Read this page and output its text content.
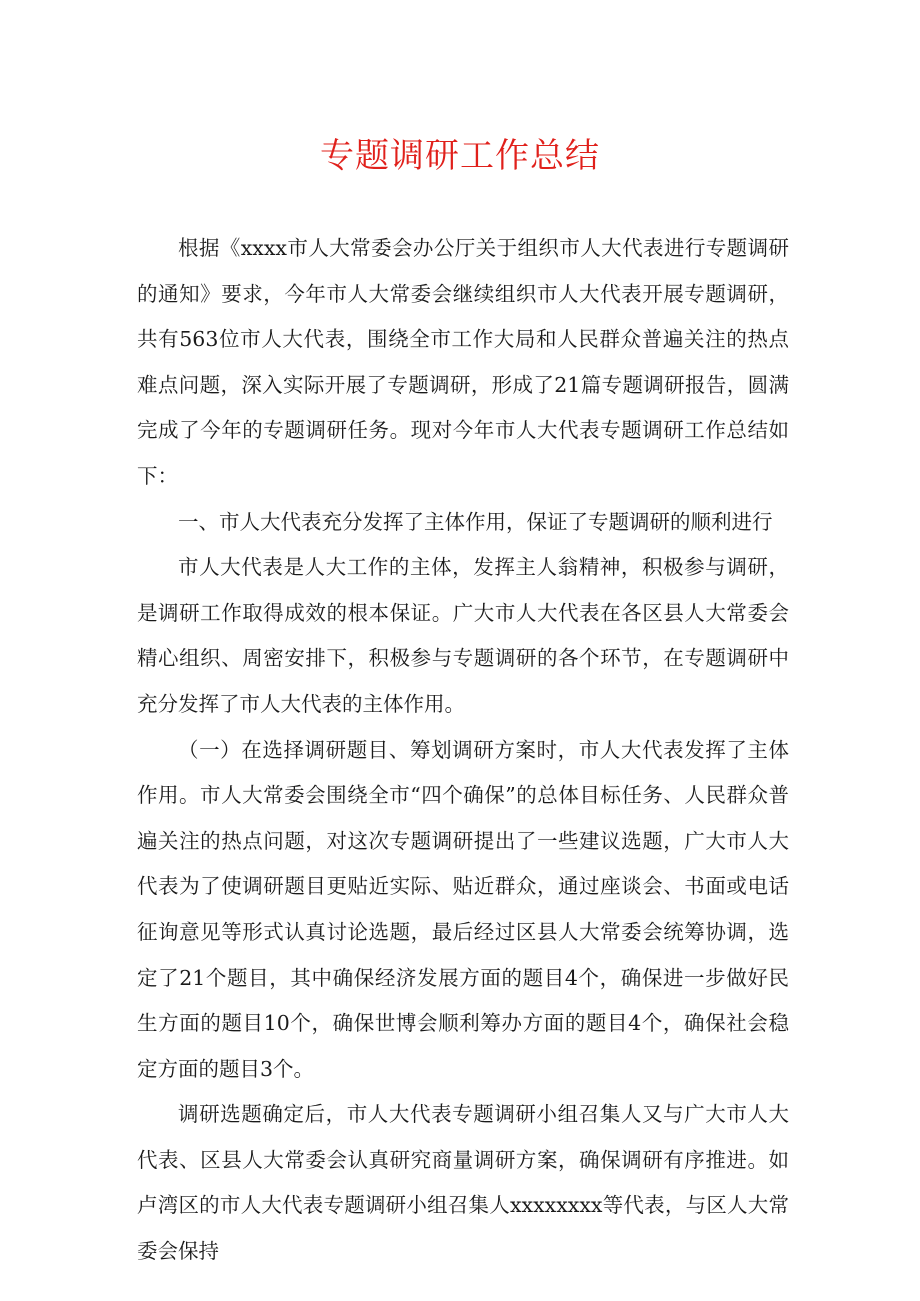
专题调研工作总结

根据《xxxx市人大常委会办公厅关于组织市人大代表进行专题调研的通知》要求，今年市人大常委会继续组织市人大代表开展专题调研，共有563位市人大代表，围绕全市工作大局和人民群众普遍关注的热点难点问题，深入实际开展了专题调研，形成了21篇专题调研报告，圆满完成了今年的专题调研任务。现对今年市人大代表专题调研工作总结如下：

一、市人大代表充分发挥了主体作用，保证了专题调研的顺利进行

市人大代表是人大工作的主体，发挥主人翁精神，积极参与调研，是调研工作取得成效的根本保证。广大市人大代表在各区县人大常委会精心组织、周密安排下，积极参与专题调研的各个环节，在专题调研中充分发挥了市人大代表的主体作用。

（一）在选择调研题目、筹划调研方案时，市人大代表发挥了主体作用。市人大常委会围绕全市“四个确保”的总体目标任务、人民群众普遍关注的热点问题，对这次专题调研提出了一些建议选题，广大市人大代表为了使调研题目更贴近实际、贴近群众，通过座谈会、书面或电话征询意见等形式认真讨论选题，最后经过区县人大常委会统筹协调，选定了21个题目，其中确保经济发展方面的题目4个，确保进一步做好民生方面的题目10个，确保世博会顺利筹办方面的题目4个，确保社会稳定方面的题目3个。

调研选题确定后，市人大代表专题调研小组召集人又与广大市人大代表、区县人大常委会认真研究商量调研方案，确保调研有序推进。如卢湾区的市人大代表专题调研小组召集人xxxxxxxx等代表，与区人大常委会保持
